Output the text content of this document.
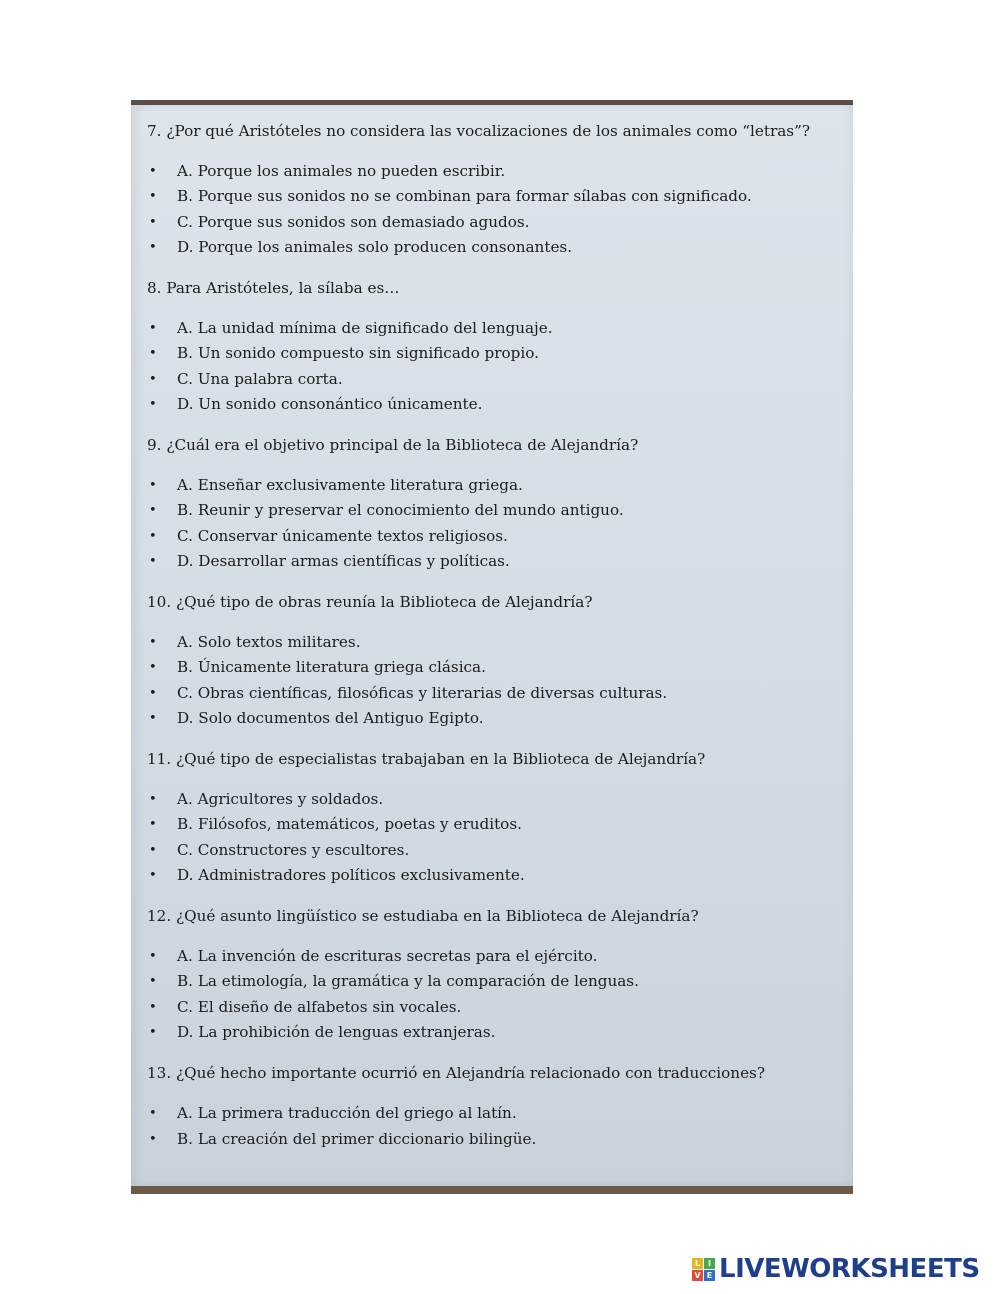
7. ¿Por qué Aristóteles no considera las vocalizaciones de los animales como “letras”?

• A. Porque los animales no pueden escribir.
• B. Porque sus sonidos no se combinan para formar sílabas con significado.
• C. Porque sus sonidos son demasiado agudos.
• D. Porque los animales solo producen consonantes.

8. Para Aristóteles, la sílaba es…

• A. La unidad mínima de significado del lenguaje.
• B. Un sonido compuesto sin significado propio.
• C. Una palabra corta.
• D. Un sonido consonántico únicamente.

9. ¿Cuál era el objetivo principal de la Biblioteca de Alejandría?

• A. Enseñar exclusivamente literatura griega.
• B. Reunir y preservar el conocimiento del mundo antiguo.
• C. Conservar únicamente textos religiosos.
• D. Desarrollar armas científicas y políticas.

10. ¿Qué tipo de obras reunía la Biblioteca de Alejandría?

• A. Solo textos militares.
• B. Únicamente literatura griega clásica.
• C. Obras científicas, filosóficas y literarias de diversas culturas.
• D. Solo documentos del Antiguo Egipto.

11. ¿Qué tipo de especialistas trabajaban en la Biblioteca de Alejandría?

• A. Agricultores y soldados.
• B. Filósofos, matemáticos, poetas y eruditos.
• C. Constructores y escultores.
• D. Administradores políticos exclusivamente.

12. ¿Qué asunto lingüístico se estudiaba en la Biblioteca de Alejandría?

• A. La invención de escrituras secretas para el ejército.
• B. La etimología, la gramática y la comparación de lenguas.
• C. El diseño de alfabetos sin vocales.
• D. La prohibición de lenguas extranjeras.

13. ¿Qué hecho importante ocurrió en Alejandría relacionado con traducciones?

• A. La primera traducción del griego al latín.
• B. La creación del primer diccionario bilingüe.
L I
V E LIVEWORKSHEETS
